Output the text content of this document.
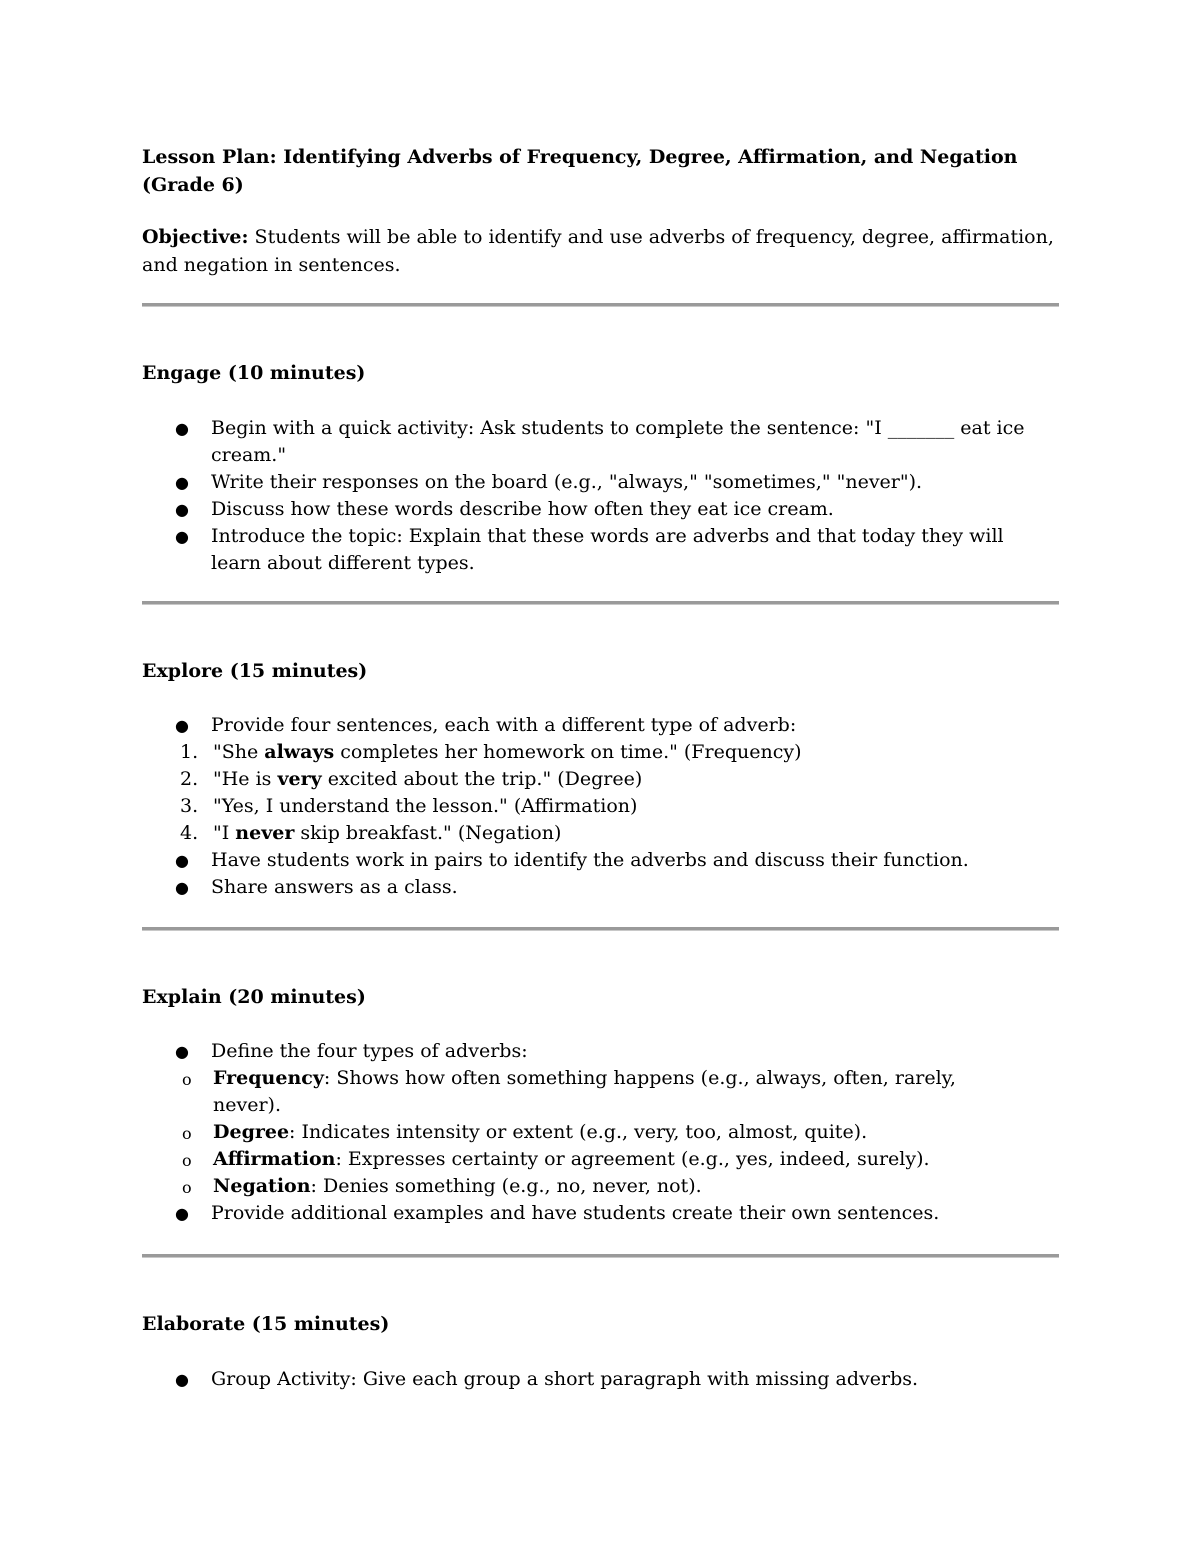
Lesson Plan: Identifying Adverbs of Frequency, Degree, Affirmation, and Negation (Grade 6)

Objective: Students will be able to identify and use adverbs of frequency, degree, affirmation, and negation in sentences.

Engage (10 minutes)

● Begin with a quick activity: Ask students to complete the sentence: "I _______ eat ice cream."
● Write their responses on the board (e.g., "always," "sometimes," "never").
● Discuss how these words describe how often they eat ice cream.
● Introduce the topic: Explain that these words are adverbs and that today they will learn about different types.

Explore (15 minutes)

● Provide four sentences, each with a different type of adverb:
1. "She always completes her homework on time." (Frequency)
2. "He is very excited about the trip." (Degree)
3. "Yes, I understand the lesson." (Affirmation)
4. "I never skip breakfast." (Negation)
● Have students work in pairs to identify the adverbs and discuss their function.
● Share answers as a class.

Explain (20 minutes)

● Define the four types of adverbs:
o Frequency: Shows how often something happens (e.g., always, often, rarely, never).
o Degree: Indicates intensity or extent (e.g., very, too, almost, quite).
o Affirmation: Expresses certainty or agreement (e.g., yes, indeed, surely).
o Negation: Denies something (e.g., no, never, not).
● Provide additional examples and have students create their own sentences.

Elaborate (15 minutes)

● Group Activity: Give each group a short paragraph with missing adverbs.
